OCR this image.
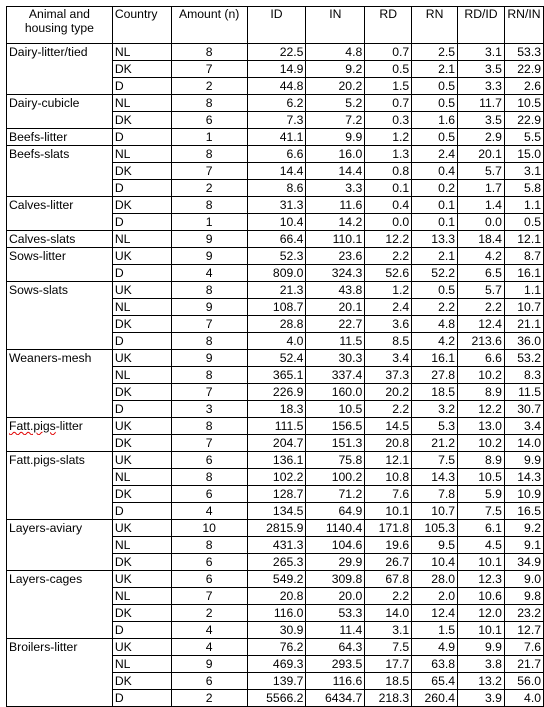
Animal and housing type	Country	Amount (n)	ID	IN	RD	RN	RD/ID	RN/IN
Dairy-litter/tied	NL	8	22.5	4.8	0.7	2.5	3.1	53.3
	DK	7	14.9	9.2	0.5	2.1	3.5	22.9
	D	2	44.8	20.2	1.5	0.5	3.3	2.6
Dairy-cubicle	NL	8	6.2	5.2	0.7	0.5	11.7	10.5
	DK	6	7.3	7.2	0.3	1.6	3.5	22.9
Beefs-litter	D	1	41.1	9.9	1.2	0.5	2.9	5.5
Beefs-slats	NL	8	6.6	16.0	1.3	2.4	20.1	15.0
	DK	7	14.4	14.4	0.8	0.4	5.7	3.1
	D	2	8.6	3.3	0.1	0.2	1.7	5.8
Calves-litter	DK	8	31.3	11.6	0.4	0.1	1.4	1.1
	D	1	10.4	14.2	0.0	0.1	0.0	0.5
Calves-slats	NL	9	66.4	110.1	12.2	13.3	18.4	12.1
Sows-litter	UK	9	52.3	23.6	2.2	2.1	4.2	8.7
	D	4	809.0	324.3	52.6	52.2	6.5	16.1
Sows-slats	UK	8	21.3	43.8	1.2	0.5	5.7	1.1
	NL	9	108.7	20.1	2.4	2.2	2.2	10.7
	DK	7	28.8	22.7	3.6	4.8	12.4	21.1
	D	8	4.0	11.5	8.5	4.2	213.6	36.0
Weaners-mesh	UK	9	52.4	30.3	3.4	16.1	6.6	53.2
	NL	8	365.1	337.4	37.3	27.8	10.2	8.3
	DK	7	226.9	160.0	20.2	18.5	8.9	11.5
	D	3	18.3	10.5	2.2	3.2	12.2	30.7
Fatt.pigs-litter	UK	8	111.5	156.5	14.5	5.3	13.0	3.4
	DK	7	204.7	151.3	20.8	21.2	10.2	14.0
Fatt.pigs-slats	UK	6	136.1	75.8	12.1	7.5	8.9	9.9
	NL	8	102.2	100.2	10.8	14.3	10.5	14.3
	DK	6	128.7	71.2	7.6	7.8	5.9	10.9
	D	4	134.5	64.9	10.1	10.7	7.5	16.5
Layers-aviary	UK	10	2815.9	1140.4	171.8	105.3	6.1	9.2
	NL	8	431.3	104.6	19.6	9.5	4.5	9.1
	DK	6	265.3	29.9	26.7	10.4	10.1	34.9
Layers-cages	UK	6	549.2	309.8	67.8	28.0	12.3	9.0
	NL	7	20.8	20.0	2.2	2.0	10.6	9.8
	DK	2	116.0	53.3	14.0	12.4	12.0	23.2
	D	4	30.9	11.4	3.1	1.5	10.1	12.7
Broilers-litter	UK	4	76.2	64.3	7.5	4.9	9.9	7.6
	NL	9	469.3	293.5	17.7	63.8	3.8	21.7
	DK	6	139.7	116.6	18.5	65.4	13.2	56.0
	D	2	5566.2	6434.7	218.3	260.4	3.9	4.0
